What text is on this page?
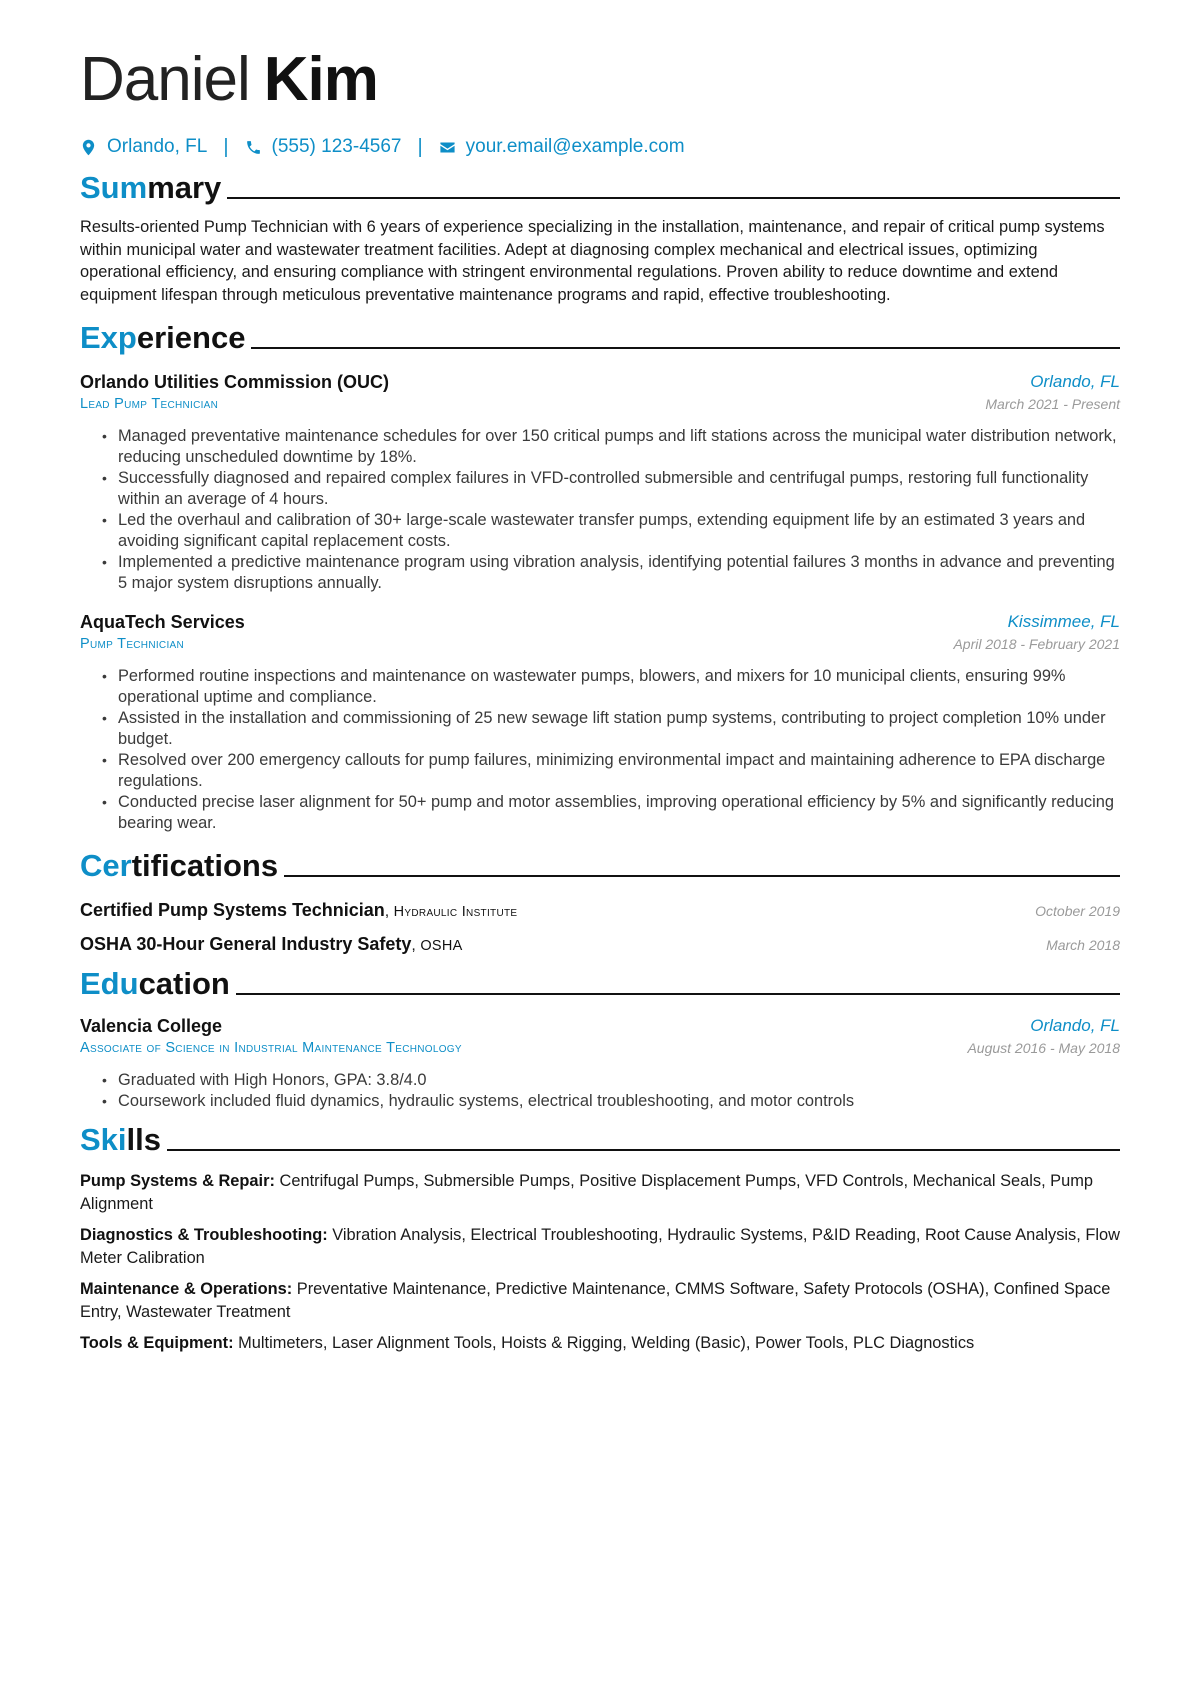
Daniel Kim
Orlando, FL | (555) 123-4567 | your.email@example.com
Summary
Results-oriented Pump Technician with 6 years of experience specializing in the installation, maintenance, and repair of critical pump systems within municipal water and wastewater treatment facilities. Adept at diagnosing complex mechanical and electrical issues, optimizing operational efficiency, and ensuring compliance with stringent environmental regulations. Proven ability to reduce downtime and extend equipment lifespan through meticulous preventative maintenance programs and rapid, effective troubleshooting.
Experience
Orlando Utilities Commission (OUC)	Orlando, FL
Lead Pump Technician	March 2021 - Present
• Managed preventative maintenance schedules for over 150 critical pumps and lift stations across the municipal water distribution network, reducing unscheduled downtime by 18%.
• Successfully diagnosed and repaired complex failures in VFD-controlled submersible and centrifugal pumps, restoring full functionality within an average of 4 hours.
• Led the overhaul and calibration of 30+ large-scale wastewater transfer pumps, extending equipment life by an estimated 3 years and avoiding significant capital replacement costs.
• Implemented a predictive maintenance program using vibration analysis, identifying potential failures 3 months in advance and preventing 5 major system disruptions annually.
AquaTech Services	Kissimmee, FL
Pump Technician	April 2018 - February 2021
• Performed routine inspections and maintenance on wastewater pumps, blowers, and mixers for 10 municipal clients, ensuring 99% operational uptime and compliance.
• Assisted in the installation and commissioning of 25 new sewage lift station pump systems, contributing to project completion 10% under budget.
• Resolved over 200 emergency callouts for pump failures, minimizing environmental impact and maintaining adherence to EPA discharge regulations.
• Conducted precise laser alignment for 50+ pump and motor assemblies, improving operational efficiency by 5% and significantly reducing bearing wear.
Certifications
Certified Pump Systems Technician, Hydraulic Institute	October 2019
OSHA 30-Hour General Industry Safety, OSHA	March 2018
Education
Valencia College	Orlando, FL
Associate of Science in Industrial Maintenance Technology	August 2016 - May 2018
• Graduated with High Honors, GPA: 3.8/4.0
• Coursework included fluid dynamics, hydraulic systems, electrical troubleshooting, and motor controls
Skills
Pump Systems & Repair: Centrifugal Pumps, Submersible Pumps, Positive Displacement Pumps, VFD Controls, Mechanical Seals, Pump Alignment
Diagnostics & Troubleshooting: Vibration Analysis, Electrical Troubleshooting, Hydraulic Systems, P&ID Reading, Root Cause Analysis, Flow Meter Calibration
Maintenance & Operations: Preventative Maintenance, Predictive Maintenance, CMMS Software, Safety Protocols (OSHA), Confined Space Entry, Wastewater Treatment
Tools & Equipment: Multimeters, Laser Alignment Tools, Hoists & Rigging, Welding (Basic), Power Tools, PLC Diagnostics
